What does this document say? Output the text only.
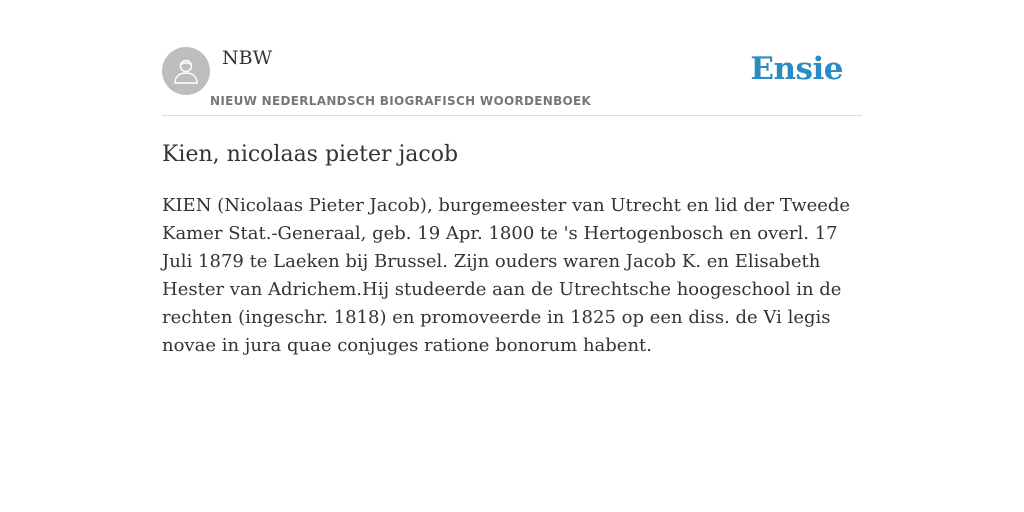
NBW
NIEUW NEDERLANDSCH BIOGRAFISCH WOORDENBOEK
Ensie
Kien, nicolaas pieter jacob

KIEN (Nicolaas Pieter Jacob), burgemeester van Utrecht en lid der Tweede Kamer Stat.-Generaal, geb. 19 Apr. 1800 te 's Hertogenbosch en overl. 17 Juli 1879 te Laeken bij Brussel. Zijn ouders waren Jacob K. en Elisabeth Hester van Adrichem.Hij studeerde aan de Utrechtsche hoogeschool in de rechten (ingeschr. 1818) en promoveerde in 1825 op een diss. de Vi legis novae in jura quae conjuges ratione bonorum habent.
